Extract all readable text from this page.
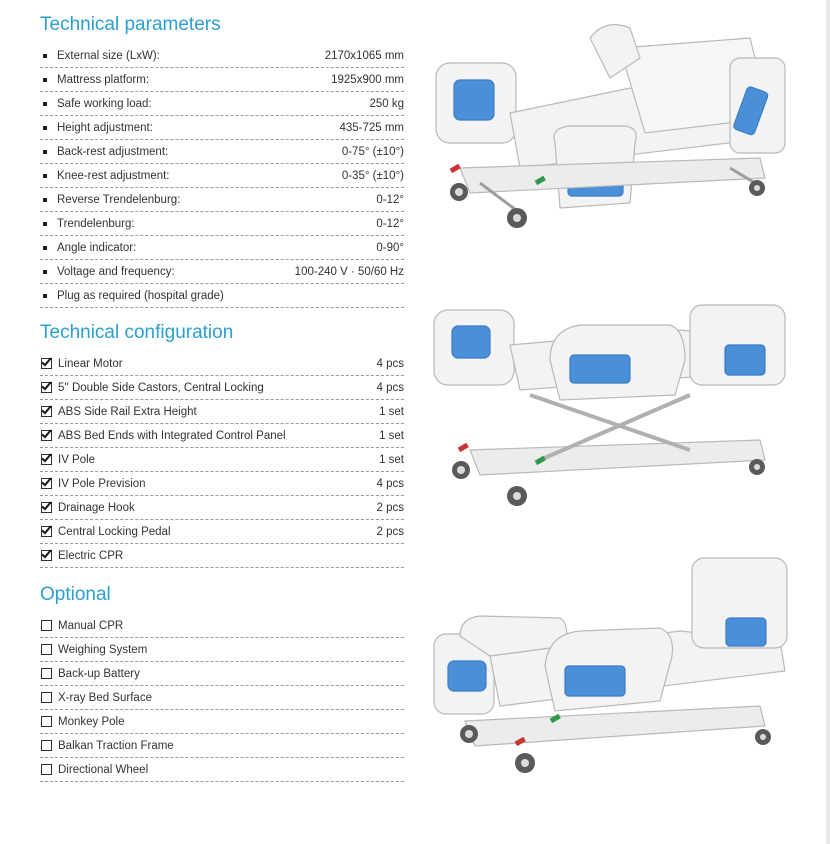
Technical parameters
External size (LxW):	2170x1065 mm
Mattress platform:	1925x900 mm
Safe working load:	250 kg
Height adjustment:	435-725 mm
Back-rest adjustment:	0-75° (±10°)
Knee-rest adjustment:	0-35° (±10°)
Reverse Trendelenburg:	0-12°
Trendelenburg:	0-12°
Angle indicator:	0-90°
Voltage and frequency:	100-240 V · 50/60 Hz
Plug as required (hospital grade)
Technical configuration
Linear Motor	4 pcs
5'' Double Side Castors, Central Locking	4 pcs
ABS Side Rail Extra Height	1 set
ABS Bed Ends with Integrated Control Panel	1 set
IV Pole	1 set
IV Pole Prevision	4 pcs
Drainage Hook	2 pcs
Central Locking Pedal	2 pcs
Electric CPR
Optional
Manual CPR
Weighing System
Back-up Battery
X-ray Bed Surface
Monkey Pole
Balkan Traction Frame
Directional Wheel
